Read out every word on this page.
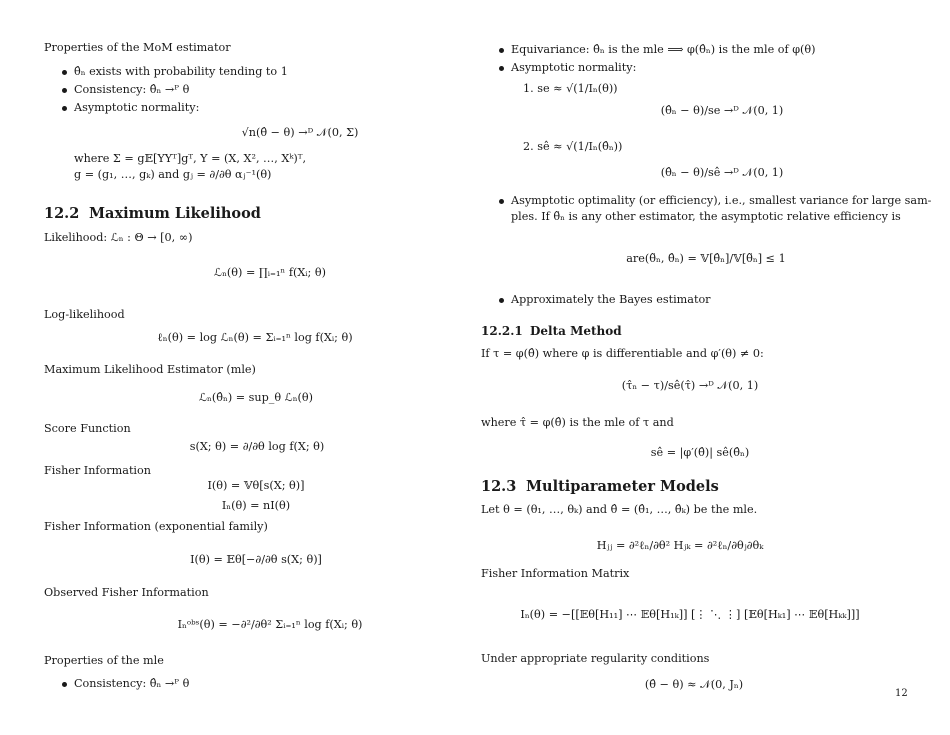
Properties of the MoM estimator
θ̂ₙ exists with probability tending to 1
Consistency: θ̂ₙ →ᴾ θ
Asymptotic normality:
√n(θ̂ − θ) →ᴰ 𝒩(0, Σ)
where Σ = g𝔼[YYᵀ]gᵀ, Y = (X, X², …, Xᵏ)ᵀ,
g = (g₁, …, gₖ) and gⱼ = ∂/∂θ αⱼ⁻¹(θ)
12.2 Maximum Likelihood
Likelihood: ℒₙ : Θ → [0, ∞)
ℒₙ(θ) = ∏ᵢ₌₁ⁿ f(Xᵢ; θ)
Log-likelihood
ℓₙ(θ) = log ℒₙ(θ) = Σᵢ₌₁ⁿ log f(Xᵢ; θ)
Maximum Likelihood Estimator (mle)
ℒₙ(θ̂ₙ) = sup_θ ℒₙ(θ)
Score Function
s(X; θ) = ∂/∂θ log f(X; θ)
Fisher Information
I(θ) = 𝕍θ[s(X; θ)]
Iₙ(θ) = nI(θ)
Fisher Information (exponential family)
I(θ) = 𝔼θ[−∂/∂θ s(X; θ)]
Observed Fisher Information
Iₙᵒᵇˢ(θ) = −∂²/∂θ² Σᵢ₌₁ⁿ log f(Xᵢ; θ)
Properties of the mle
Consistency: θ̂ₙ →ᴾ θ
Equivariance: θ̂ₙ is the mle ⟹ φ(θ̂ₙ) is the mle of φ(θ)
Asymptotic normality:
1. se ≈ √(1/Iₙ(θ))
(θ̂ₙ − θ)/se →ᴰ 𝒩(0, 1)
2. sê ≈ √(1/Iₙ(θ̂ₙ))
(θ̂ₙ − θ)/sê →ᴰ 𝒩(0, 1)
Asymptotic optimality (or efficiency), i.e., smallest variance for large sam-
ples. If θ̃ₙ is any other estimator, the asymptotic relative efficiency is
are(θ̃ₙ, θ̂ₙ) = 𝕍[θ̂ₙ]/𝕍[θ̃ₙ] ≤ 1
Approximately the Bayes estimator
12.2.1 Delta Method
If τ = φ(θ̂) where φ is differentiable and φ′(θ) ≠ 0:
(τ̂ₙ − τ)/sê(τ̂) →ᴰ 𝒩(0, 1)
where τ̂ = φ(θ̂) is the mle of τ and
sê = |φ′(θ̂)| sê(θ̂ₙ)
12.3 Multiparameter Models
Let θ = (θ₁, …, θₖ) and θ̂ = (θ̂₁, …, θ̂ₖ) be the mle.
Hⱼⱼ = ∂²ℓₙ/∂θ² Hⱼₖ = ∂²ℓₙ/∂θⱼ∂θₖ
Fisher Information Matrix
Iₙ(θ) = −[[𝔼θ[H₁₁] ⋯ 𝔼θ[H₁ₖ]] [⋮ ⋱ ⋮] [𝔼θ[Hₖ₁] ⋯ 𝔼θ[Hₖₖ]]]
Under appropriate regularity conditions
(θ̂ − θ) ≈ 𝒩(0, Jₙ)
12
